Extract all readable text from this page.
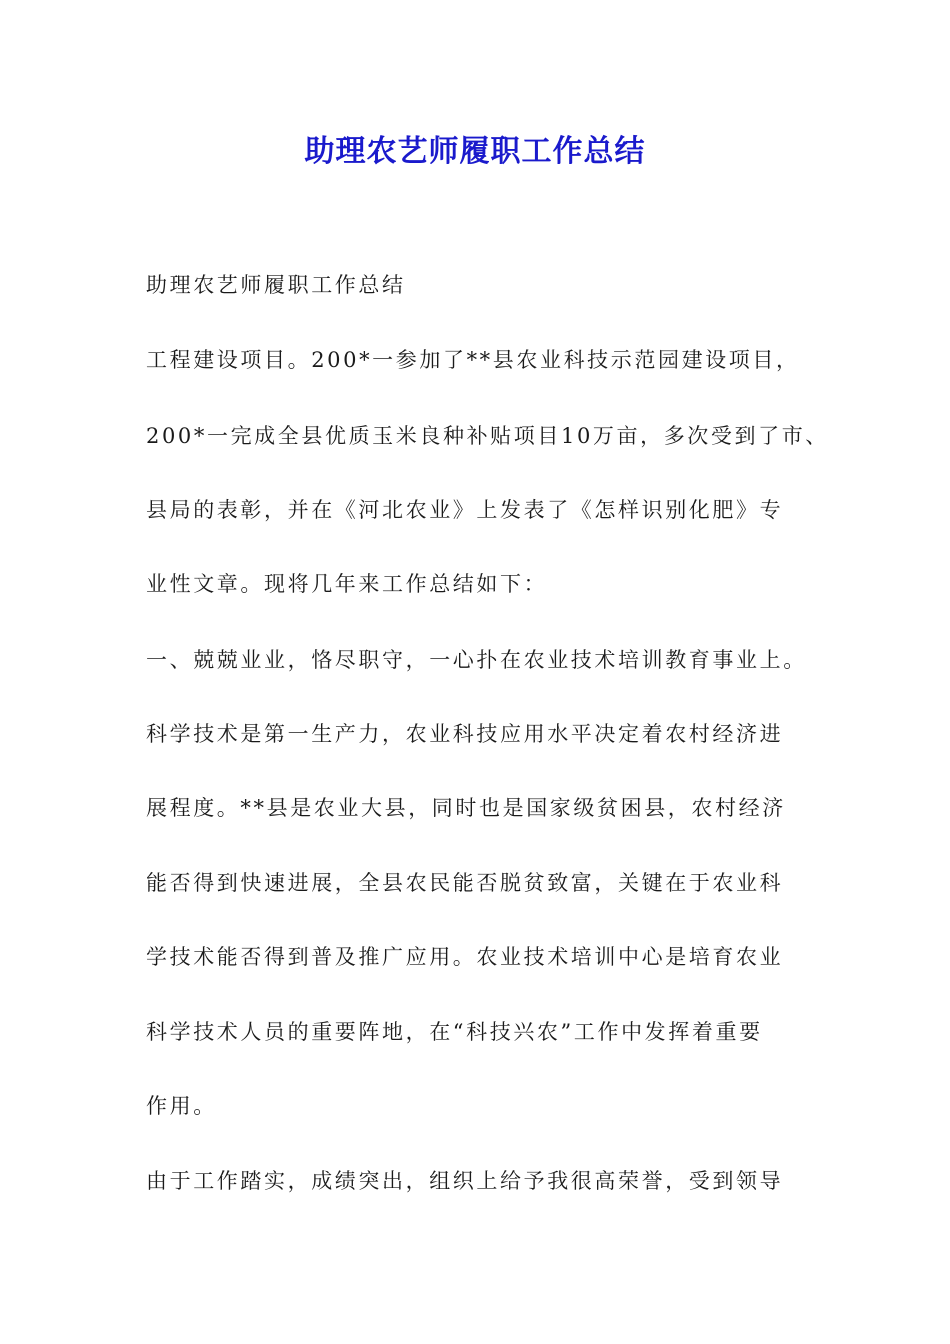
助理农艺师履职工作总结
助理农艺师履职工作总结
工程建设项目。200*一参加了**县农业科技示范园建设项目，
200*一完成全县优质玉米良种补贴项目10万亩，多次受到了市、
县局的表彰，并在《河北农业》上发表了《怎样识别化肥》专
业性文章。现将几年来工作总结如下：
一、兢兢业业，恪尽职守，一心扑在农业技术培训教育事业上。
科学技术是第一生产力，农业科技应用水平决定着农村经济进
展程度。**县是农业大县，同时也是国家级贫困县，农村经济
能否得到快速进展，全县农民能否脱贫致富，关键在于农业科
学技术能否得到普及推广应用。农业技术培训中心是培育农业
科学技术人员的重要阵地，在“科技兴农”工作中发挥着重要
作用。
由于工作踏实，成绩突出，组织上给予我很高荣誉，受到领导
